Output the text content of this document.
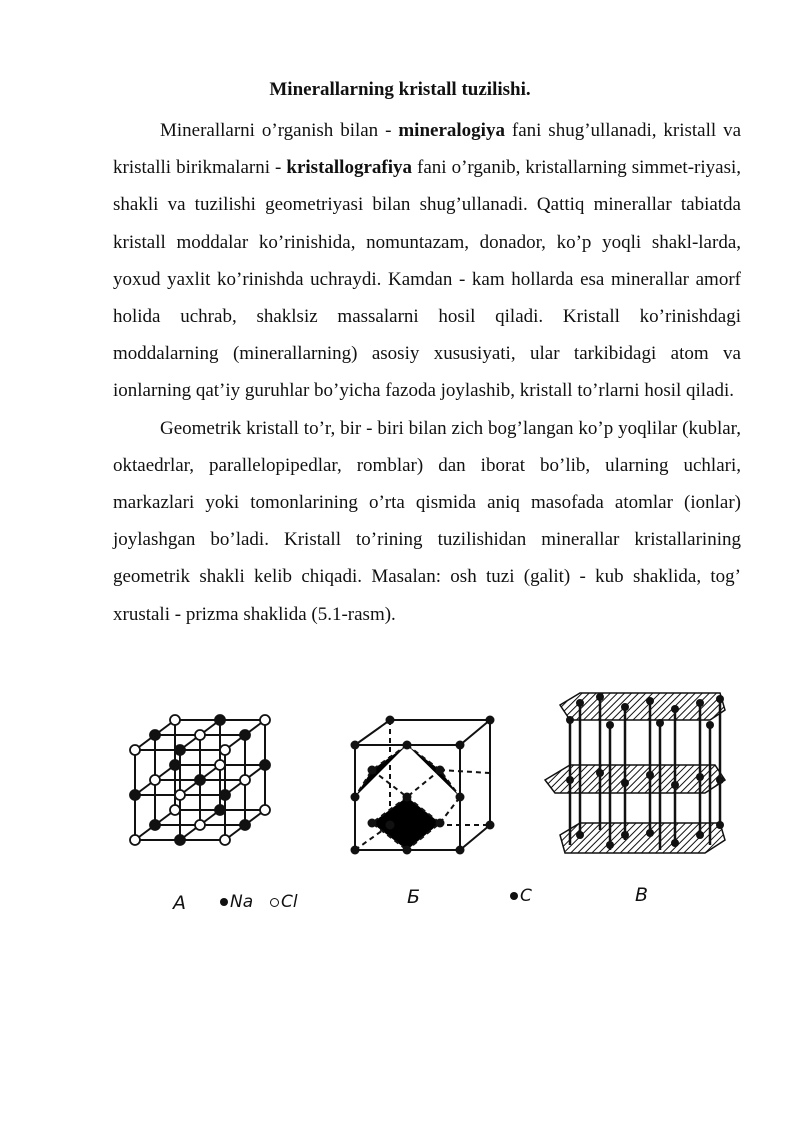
Minerallarning kristall tuzilishi.

Minerallarni o’rganish bilan - mineralogiya fani shug’ullanadi, kristall va kristalli birikmalarni - kristallografiya fani o’rganib, kristallarning simmet-riyasi, shakli va tuzilishi geometriyasi bilan shug’ullanadi. Qattiq minerallar tabiatda kristall moddalar ko’rinishida, nomuntazam, donador, ko’p yoqli shakl-larda, yoxud yaxlit ko’rinishda uchraydi. Kamdan - kam hollarda esa minerallar amorf holida uchrab, shaklsiz massalarni hosil qiladi. Kristall ko’rinishdagi moddalarning (minerallarning) asosiy xususiyati, ular tarkibidagi atom va ionlarning qat’iy guruhlar bo’yicha fazoda joylashib, kristall to’rlarni hosil qiladi.

Geometrik kristall to’r, bir - biri bilan zich bog’langan ko’p yoqlilar (kublar, oktaedrlar, parallelopipedlar, romblar) dan iborat bo’lib, ularning uchlari, markazlari yoki tomonlarining o’rta qismida aniq masofada atomlar (ionlar) joylashgan bo’ladi. Kristall to’rining tuzilishidan minerallar kristallarining geometrik shakli kelib chiqadi. Masalan: osh tuzi (galit) - kub shaklida, tog’ xrustali - prizma shaklida (5.1-rasm).

A	Na	Cl	Б	C	В
